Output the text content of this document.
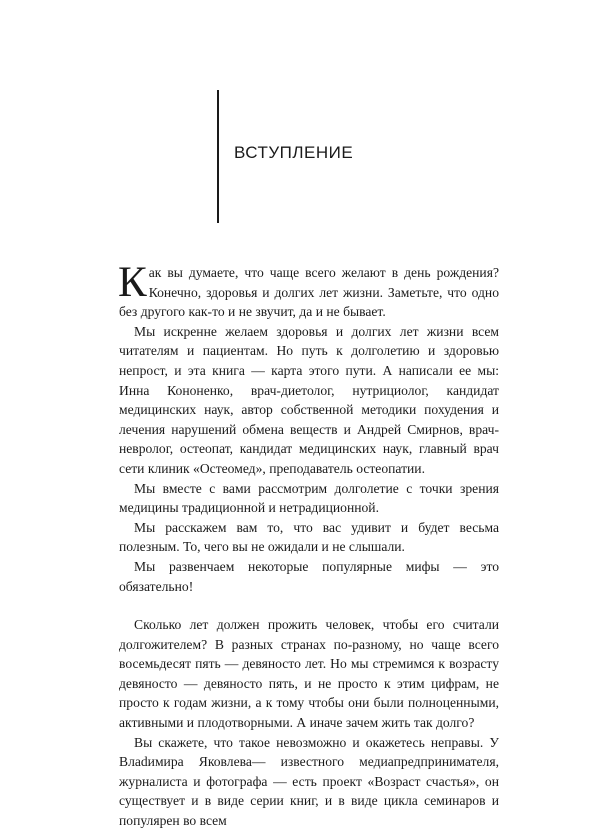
ВСТУПЛЕНИЕ

Как вы думаете, что чаще всего желают в день рождения? Конечно, здоровья и долгих лет жизни. Заметьте, что одно без другого как-то и не звучит, да и не бывает.

Мы искренне желаем здоровья и долгих лет жизни всем читателям и пациентам. Но путь к долголетию и здоровью непрост, и эта книга — карта этого пути. А написали ее мы: Инна Кононенко, врач-диетолог, нутрициолог, кандидат медицинских наук, автор собственной методики похудения и лечения нарушений обмена веществ и Андрей Смирнов, врач-невролог, остеопат, кандидат медицинских наук, главный врач сети клиник «Остеомед», преподаватель остеопатии.

Мы вместе с вами рассмотрим долголетие с точки зрения медицины традиционной и нетрадиционной.

Мы расскажем вам то, что вас удивит и будет весьма полезным. То, чего вы не ожидали и не слышали.

Мы развенчаем некоторые популярные мифы — это обязательно!

Сколько лет должен прожить человек, чтобы его считали долгожителем? В разных странах по-разному, но чаще всего восемьдесят пять — девяносто лет. Но мы стремимся к возрасту девяносто — девяносто пять, и не просто к этим цифрам, не просто к годам жизни, а к тому чтобы они были полноценными, активными и плодотворными. А иначе зачем жить так долго?

Вы скажете, что такое невозможно и окажетесь неправы. У Влаdимира Яковлева— известного медиапредпринимателя, журналиста и фотографа — есть проект «Возраст счастья», он существует и в виде серии книг, и в виде цикла семинаров и популярен во всем
